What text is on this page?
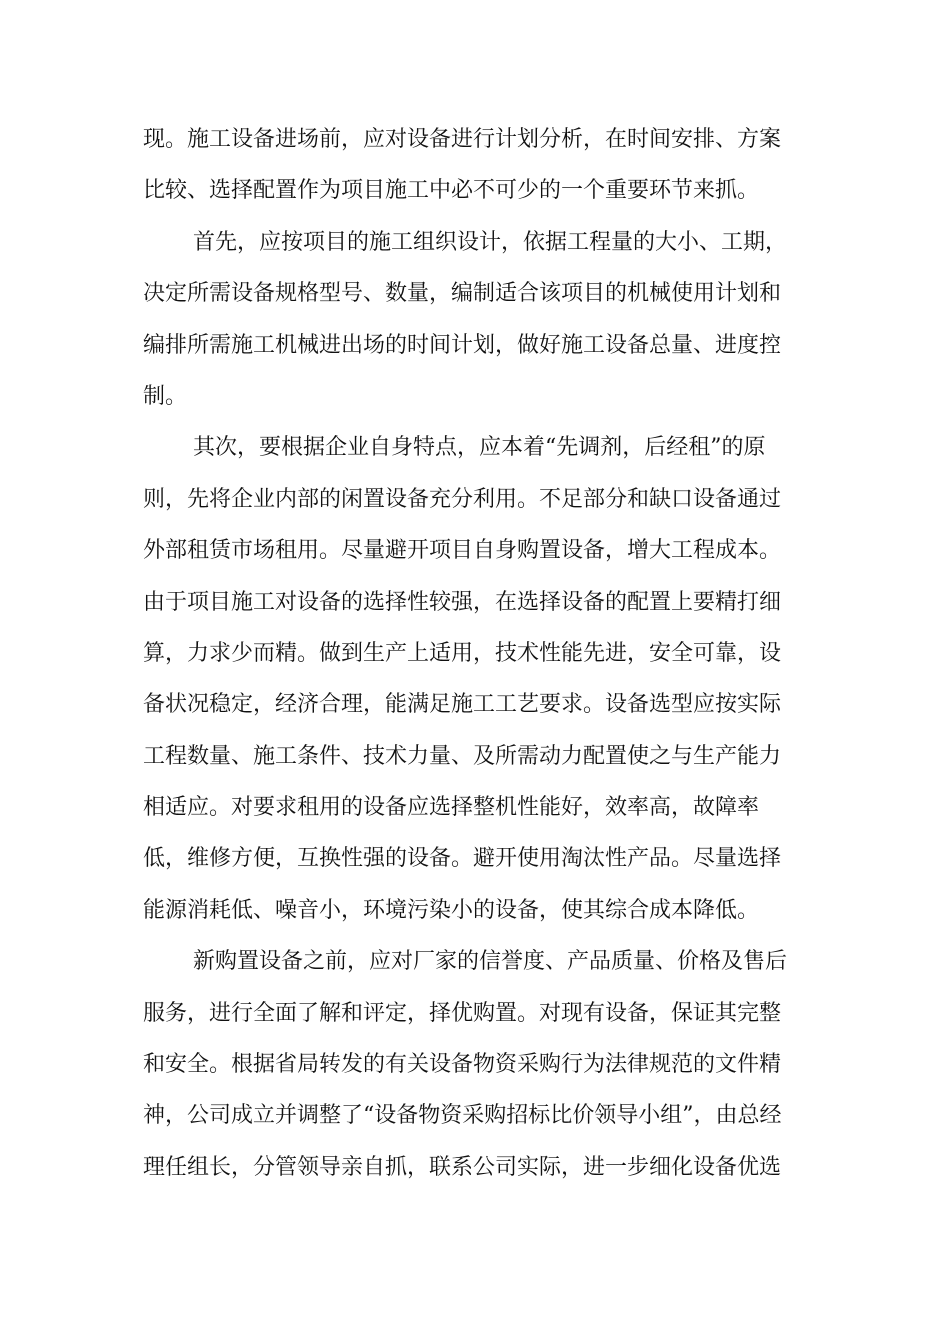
现。施工设备进场前，应对设备进行计划分析，在时间安排、方案

比较、选择配置作为项目施工中必不可少的一个重要环节来抓。

首先，应按项目的施工组织设计，依据工程量的大小、工期，

决定所需设备规格型号、数量，编制适合该项目的机械使用计划和

编排所需施工机械进出场的时间计划，做好施工设备总量、进度控

制。

其次，要根据企业自身特点，应本着“先调剂，后经租”的原

则，先将企业内部的闲置设备充分利用。不足部分和缺口设备通过

外部租赁市场租用。尽量避开项目自身购置设备，增大工程成本。

由于项目施工对设备的选择性较强，在选择设备的配置上要精打细

算，力求少而精。做到生产上适用，技术性能先进，安全可靠，设

备状况稳定，经济合理，能满足施工工艺要求。设备选型应按实际

工程数量、施工条件、技术力量、及所需动力配置使之与生产能力

相适应。对要求租用的设备应选择整机性能好，效率高，故障率

低，维修方便，互换性强的设备。避开使用淘汰性产品。尽量选择

能源消耗低、噪音小，环境污染小的设备，使其综合成本降低。

新购置设备之前，应对厂家的信誉度、产品质量、价格及售后

服务，进行全面了解和评定，择优购置。对现有设备，保证其完整

和安全。根据省局转发的有关设备物资采购行为法律规范的文件精

神，公司成立并调整了“设备物资采购招标比价领导小组”，由总经

理任组长，分管领导亲自抓，联系公司实际，进一步细化设备优选
